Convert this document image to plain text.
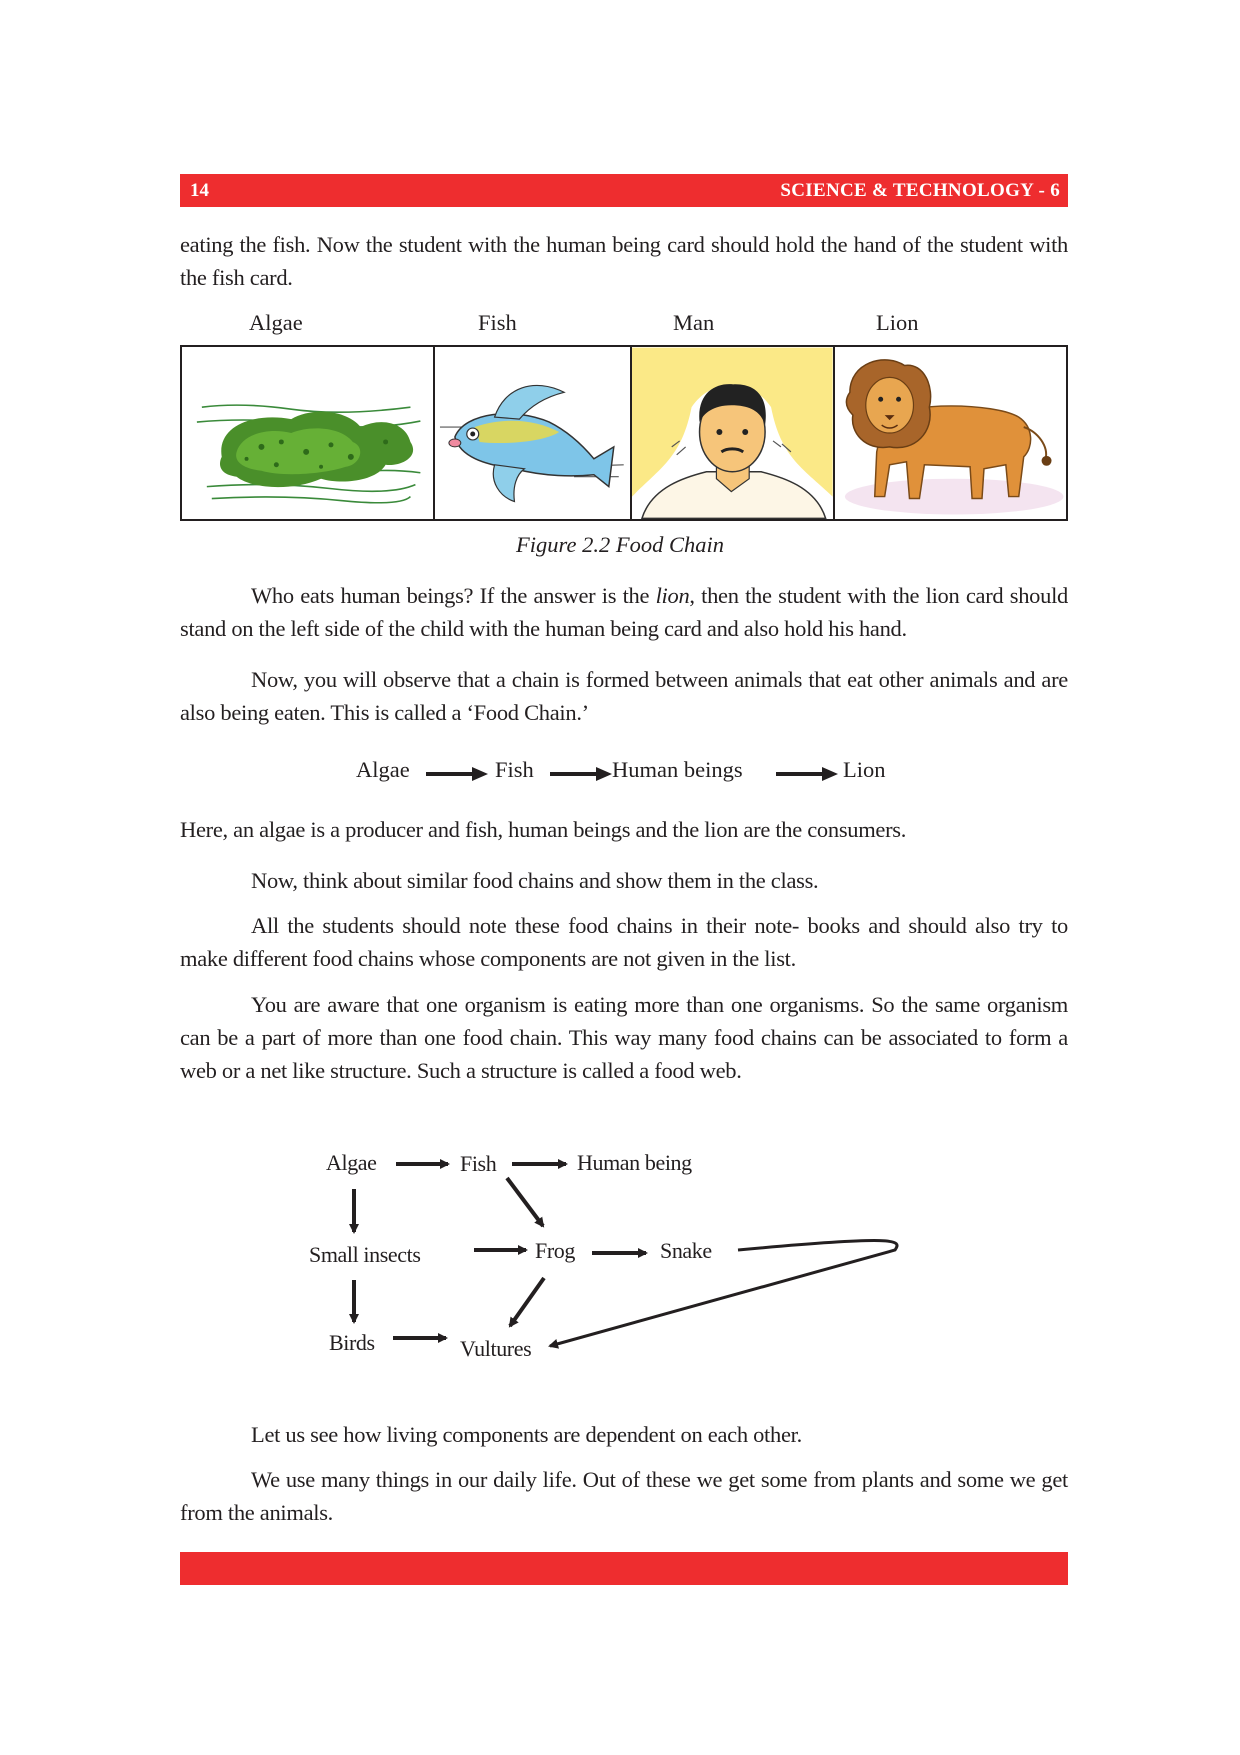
14	SCIENCE & TECHNOLOGY - 6

eating the fish. Now the student with the human being card should hold the hand of the student with the fish card.

Algae	Fish	Man	Lion
Figure 2.2 Food Chain

Who eats human beings? If the answer is the lion, then the student with the lion card should stand on the left side of the child with the human being card and also hold his hand.

Now, you will observe that a chain is formed between animals that eat other animals and are also being eaten. This is called a ‘Food Chain.’

Algae	Fish	Human beings	Lion

Here, an algae is a producer and fish, human beings and the lion are the consumers.

Now, think about similar food chains and show them in the class.

All the students should note these food chains in their note- books and should also try to make different food chains whose components are not given in the list.

You are aware that one organism is eating more than one organisms. So the same organism can be a part of more than one food chain. This way many food chains can be associated to form a web or a net like structure. Such a structure is called a food web.

Algae	Fish	Human being
Small insects	Frog	Snake
Birds	Vultures

Let us see how living components are dependent on each other.

We use many things in our daily life. Out of these we get some from plants and some we get from the animals.
